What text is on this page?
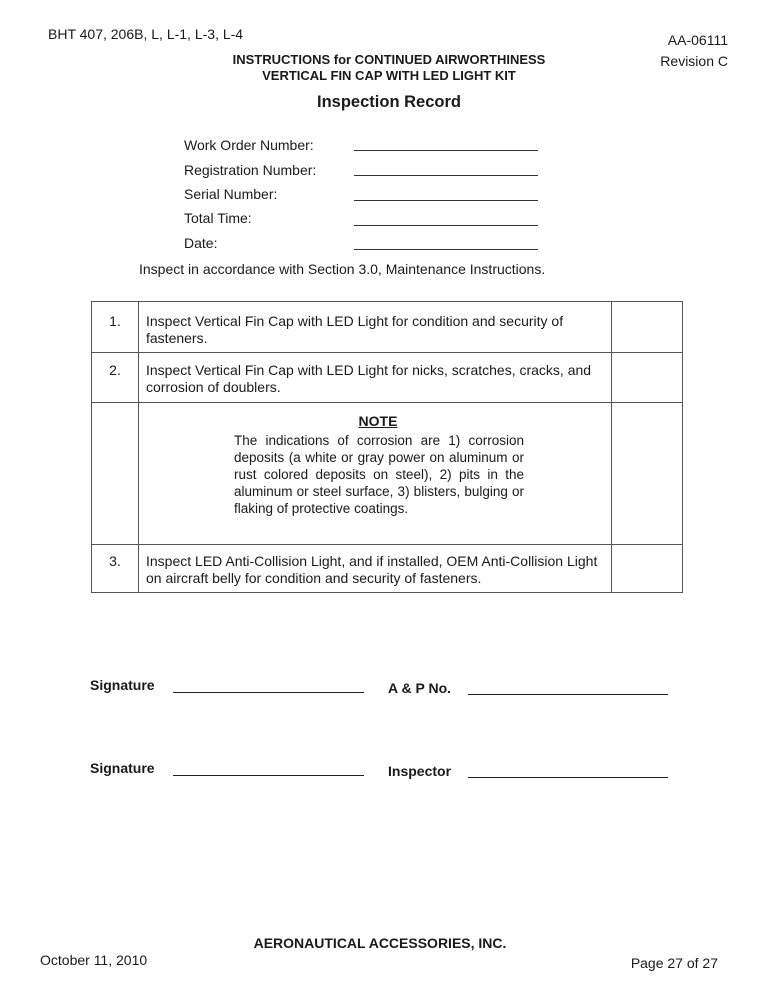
BHT 407, 206B, L, L-1, L-3, L-4	AA-06111
Revision C
INSTRUCTIONS for CONTINUED AIRWORTHINESS
VERTICAL FIN CAP WITH LED LIGHT KIT
Inspection Record
Work Order Number:
Registration Number:
Serial Number:
Total Time:
Date:
Inspect in accordance with Section 3.0, Maintenance Instructions.
1.	Inspect Vertical Fin Cap with LED Light for condition and security of fasteners.
2.	Inspect Vertical Fin Cap with LED Light for nicks, scratches, cracks, and corrosion of doublers.
NOTE
The indications of corrosion are 1) corrosion deposits (a white or gray power on aluminum or rust colored deposits on steel), 2) pits in the aluminum or steel surface, 3) blisters, bulging or flaking of protective coatings.
3.	Inspect LED Anti-Collision Light, and if installed, OEM Anti-Collision Light on aircraft belly for condition and security of fasteners.
Signature	A & P No.
Signature	Inspector
October 11, 2010
AERONAUTICAL ACCESSORIES, INC.
Page 27 of 27
